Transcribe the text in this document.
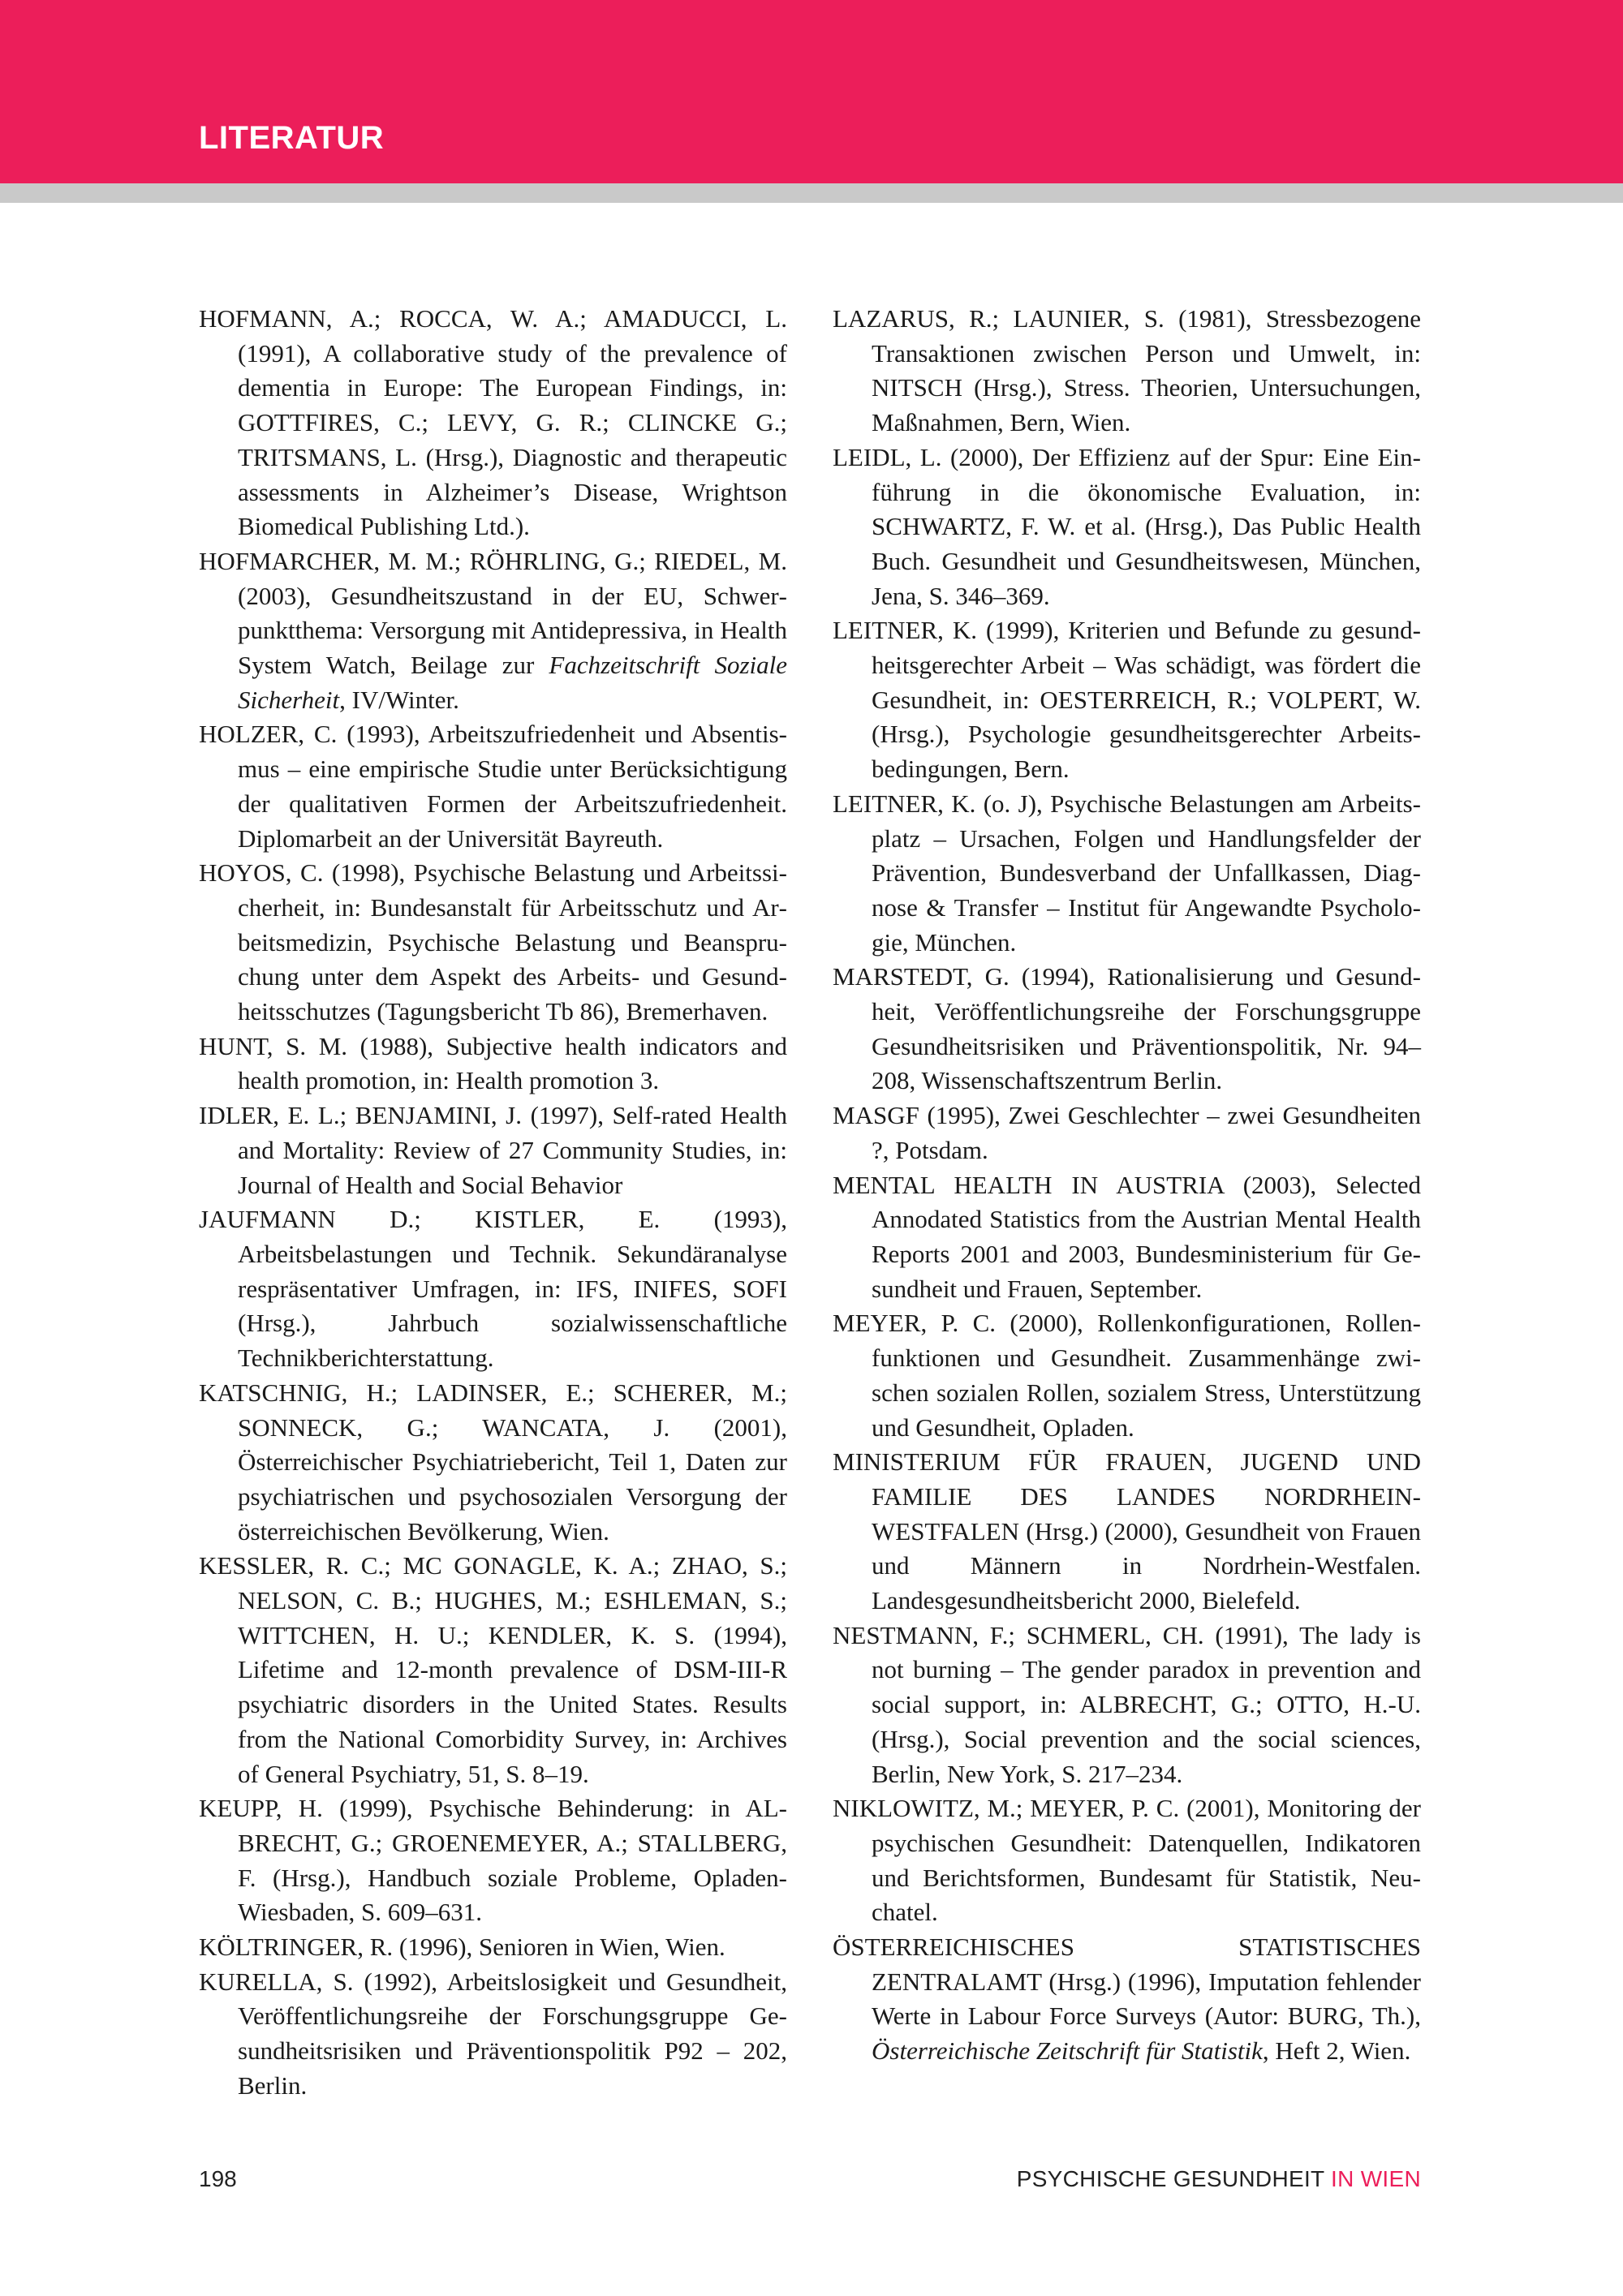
LITERATUR

HOFMANN, A.; ROCCA, W. A.; AMADUCCI, L. (1991), A collaborative study of the prevalence of dementia in Europe: The European Findings, in: GOTTFIRES, C.; LEVY, G. R.; CLINCKE G.; TRITSMANS, L. (Hrsg.), Diagnostic and therapeutic assessments in Alzheimer’s Disease, Wrightson Biomedical Publishing Ltd.).

HOFMARCHER, M. M.; RÖHRLING, G.; RIEDEL, M. (2003), Gesundheitszustand in der EU, Schwerpunktthema: Versorgung mit Antidepressiva, in Health System Watch, Beilage zur Fachzeitschrift Soziale Sicherheit, IV/Winter.

HOLZER, C. (1993), Arbeitszufriedenheit und Absentismus – eine empirische Studie unter Berücksichtigung der qualitativen Formen der Arbeitszufriedenheit. Diplomarbeit an der Universität Bayreuth.

HOYOS, C. (1998), Psychische Belastung und Arbeitssicherheit, in: Bundesanstalt für Arbeitsschutz und Arbeitsmedizin, Psychische Belastung und Beanspruchung unter dem Aspekt des Arbeits- und Gesundheitsschutzes (Tagungsbericht Tb 86), Bremerhaven.

HUNT, S. M. (1988), Subjective health indicators and health promotion, in: Health promotion 3.

IDLER, E. L.; BENJAMINI, J. (1997), Self-rated Health and Mortality: Review of 27 Community Studies, in: Journal of Health and Social Behavior

JAUFMANN D.; KISTLER, E. (1993), Arbeitsbelastungen und Technik. Sekundäranalyse respräsentativer Umfragen, in: IFS, INIFES, SOFI (Hrsg.), Jahrbuch sozialwissenschaftliche Technikberichterstattung.

KATSCHNIG, H.; LADINSER, E.; SCHERER, M.; SONNECK, G.; WANCATA, J. (2001), Österreichischer Psychiatriebericht, Teil 1, Daten zur psychiatrischen und psychosozialen Versorgung der österreichischen Bevölkerung, Wien.

KESSLER, R. C.; MC GONAGLE, K. A.; ZHAO, S.; NELSON, C. B.; HUGHES, M.; ESHLEMAN, S.; WITTCHEN, H. U.; KENDLER, K. S. (1994), Lifetime and 12-month prevalence of DSM-III-R psychiatric disorders in the United States. Results from the National Comorbidity Survey, in: Archives of General Psychiatry, 51, S. 8–19.

KEUPP, H. (1999), Psychische Behinderung: in ALBRECHT, G.; GROENEMEYER, A.; STALLBERG, F. (Hrsg.), Handbuch soziale Probleme, Opladen-Wiesbaden, S. 609–631.

KÖLTRINGER, R. (1996), Senioren in Wien, Wien.

KURELLA, S. (1992), Arbeitslosigkeit und Gesundheit, Veröffentlichungsreihe der Forschungsgruppe Gesundheitsrisiken und Präventionspolitik P92 – 202, Berlin.

LAZARUS, R.; LAUNIER, S. (1981), Stressbezogene Transaktionen zwischen Person und Umwelt, in: NITSCH (Hrsg.), Stress. Theorien, Untersuchungen, Maßnahmen, Bern, Wien.

LEIDL, L. (2000), Der Effizienz auf der Spur: Eine Einführung in die ökonomische Evaluation, in: SCHWARTZ, F. W. et al. (Hrsg.), Das Public Health Buch. Gesundheit und Gesundheitswesen, München, Jena, S. 346–369.

LEITNER, K. (1999), Kriterien und Befunde zu gesundheitsgerechter Arbeit – Was schädigt, was fördert die Gesundheit, in: OESTERREICH, R.; VOLPERT, W. (Hrsg.), Psychologie gesundheitsgerechter Arbeitsbedingungen, Bern.

LEITNER, K. (o. J), Psychische Belastungen am Arbeitsplatz – Ursachen, Folgen und Handlungsfelder der Prävention, Bundesverband der Unfallkassen, Diagnose & Transfer – Institut für Angewandte Psychologie, München.

MARSTEDT, G. (1994), Rationalisierung und Gesundheit, Veröffentlichungsreihe der Forschungsgruppe Gesundheitsrisiken und Präventionspolitik, Nr. 94–208, Wissenschaftszentrum Berlin.

MASGF (1995), Zwei Geschlechter – zwei Gesundheiten ?, Potsdam.

MENTAL HEALTH IN AUSTRIA (2003), Selected Annodated Statistics from the Austrian Mental Health Reports 2001 and 2003, Bundesministerium für Gesundheit und Frauen, September.

MEYER, P. C. (2000), Rollenkonfigurationen, Rollenfunktionen und Gesundheit. Zusammenhänge zwischen sozialen Rollen, sozialem Stress, Unterstützung und Gesundheit, Opladen.

MINISTERIUM FÜR FRAUEN, JUGEND UND FAMILIE DES LANDES NORDRHEIN-WESTFALEN (Hrsg.) (2000), Gesundheit von Frauen und Männern in Nordrhein-Westfalen. Landesgesundheitsbericht 2000, Bielefeld.

NESTMANN, F.; SCHMERL, CH. (1991), The lady is not burning – The gender paradox in prevention and social support, in: ALBRECHT, G.; OTTO, H.-U. (Hrsg.), Social prevention and the social sciences, Berlin, New York, S. 217–234.

NIKLOWITZ, M.; MEYER, P. C. (2001), Monitoring der psychischen Gesundheit: Datenquellen, Indikatoren und Berichtsformen, Bundesamt für Statistik, Neuchatel.

ÖSTERREICHISCHES STATISTISCHES ZENTRALAMT (Hrsg.) (1996), Imputation fehlender Werte in Labour Force Surveys (Autor: BURG, Th.), Österreichische Zeitschrift für Statistik, Heft 2, Wien.

198	PSYCHISCHE GESUNDHEIT IN WIEN
